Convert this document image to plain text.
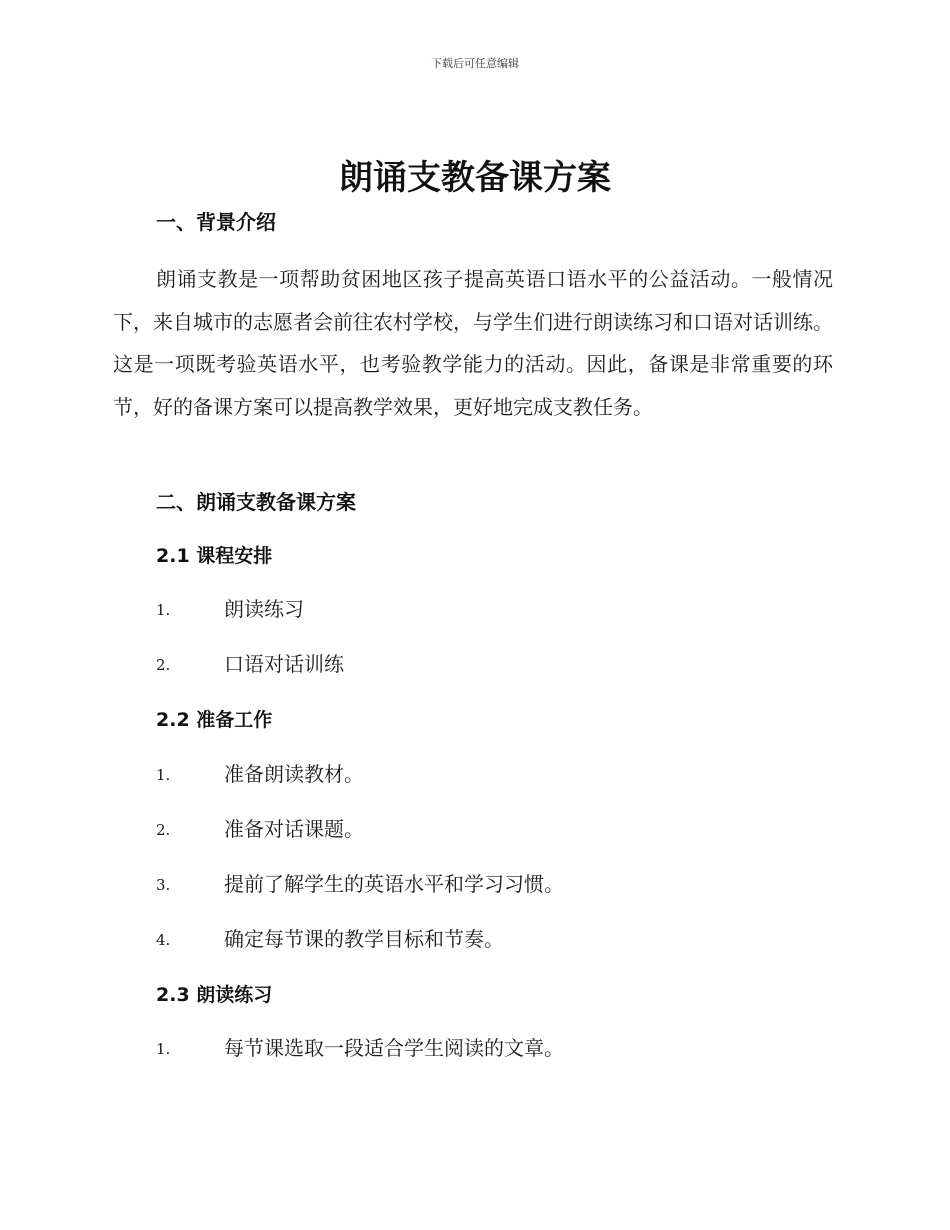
下载后可任意编辑
朗诵支教备课方案
一、背景介绍

朗诵支教是一项帮助贫困地区孩子提高英语口语水平的公益活动。一般情况下，来自城市的志愿者会前往农村学校，与学生们进行朗读练习和口语对话训练。这是一项既考验英语水平，也考验教学能力的活动。因此，备课是非常重要的环节，好的备课方案可以提高教学效果，更好地完成支教任务。

二、朗诵支教备课方案
2.1 课程安排
1.	朗读练习
2.	口语对话训练
2.2 准备工作
1.	准备朗读教材。
2.	准备对话课题。
3.	提前了解学生的英语水平和学习习惯。
4.	确定每节课的教学目标和节奏。
2.3 朗读练习
1.	每节课选取一段适合学生阅读的文章。
